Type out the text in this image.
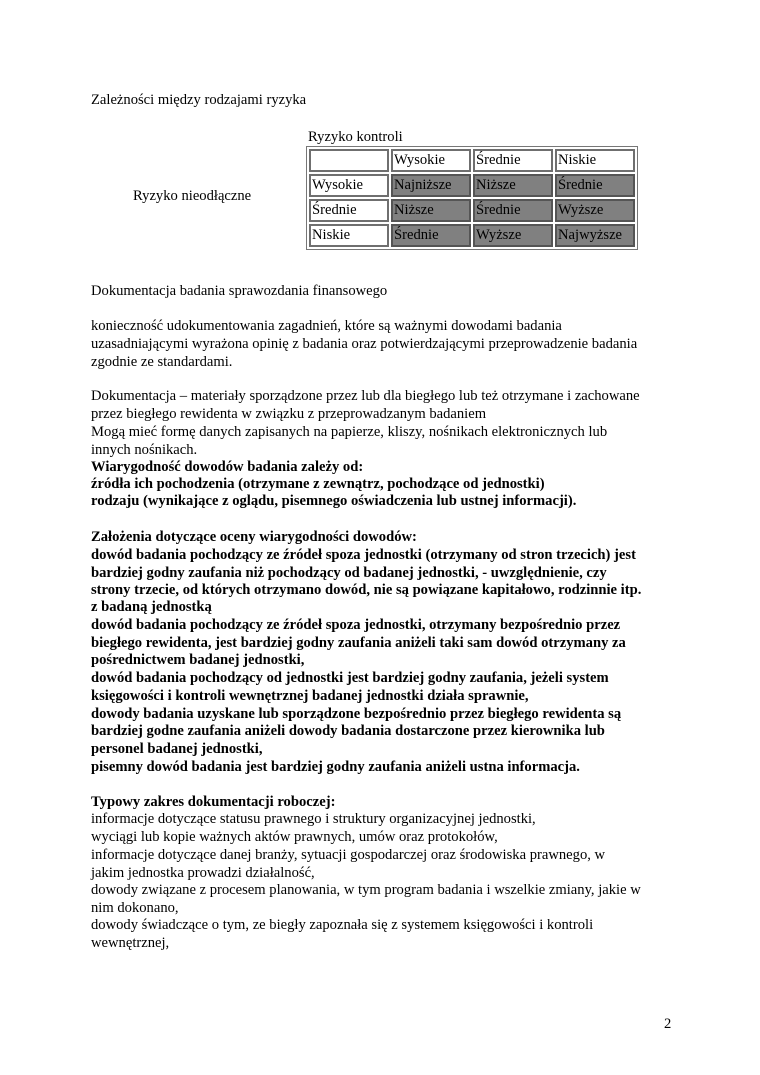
Zależności między rodzajami ryzyka
Ryzyko kontroli
Ryzyko nieodłączne
	Wysokie	Średnie	Niskie
Wysokie	Najniższe	Niższe	Średnie
Średnie	Niższe	Średnie	Wyższe
Niskie	Średnie	Wyższe	Najwyższe
Dokumentacja badania sprawozdania finansowego
konieczność udokumentowania zagadnień, które są ważnymi dowodami badania
uzasadniającymi wyrażona opinię z badania oraz potwierdzającymi przeprowadzenie badania
zgodnie ze standardami.
Dokumentacja – materiały sporządzone przez lub dla biegłego lub też otrzymane i zachowane
przez biegłego rewidenta w związku z przeprowadzanym badaniem
Mogą mieć formę danych zapisanych na papierze, kliszy, nośnikach elektronicznych lub
innych nośnikach.
Wiarygodność dowodów badania zależy od:
źródła ich pochodzenia (otrzymane z zewnątrz, pochodzące od jednostki)
rodzaju (wynikające z oglądu, pisemnego oświadczenia lub ustnej informacji).
Założenia dotyczące oceny wiarygodności dowodów:
dowód badania pochodzący ze źródeł spoza jednostki (otrzymany od stron trzecich) jest
bardziej godny zaufania niż pochodzący od badanej jednostki, - uwzględnienie, czy
strony trzecie, od których otrzymano dowód, nie są powiązane kapitałowo, rodzinnie itp.
z badaną jednostką
dowód badania pochodzący ze źródeł spoza jednostki, otrzymany bezpośrednio przez
biegłego rewidenta, jest bardziej godny zaufania aniżeli taki sam dowód otrzymany za
pośrednictwem badanej jednostki,
dowód badania pochodzący od jednostki jest bardziej godny zaufania, jeżeli system
księgowości i kontroli wewnętrznej badanej jednostki działa sprawnie,
dowody badania uzyskane lub sporządzone bezpośrednio przez biegłego rewidenta są
bardziej godne zaufania aniżeli dowody badania dostarczone przez kierownika lub
personel badanej jednostki,
pisemny dowód badania jest bardziej godny zaufania aniżeli ustna informacja.
Typowy zakres dokumentacji roboczej:
informacje dotyczące statusu prawnego i struktury organizacyjnej jednostki,
wyciągi lub kopie ważnych aktów prawnych, umów oraz protokołów,
informacje dotyczące danej branży, sytuacji gospodarczej oraz środowiska prawnego, w
jakim jednostka prowadzi działalność,
dowody związane z procesem planowania, w tym program badania i wszelkie zmiany, jakie w
nim dokonano,
dowody świadczące o tym, ze biegły zapoznała się z systemem księgowości i kontroli
wewnętrznej,
2
